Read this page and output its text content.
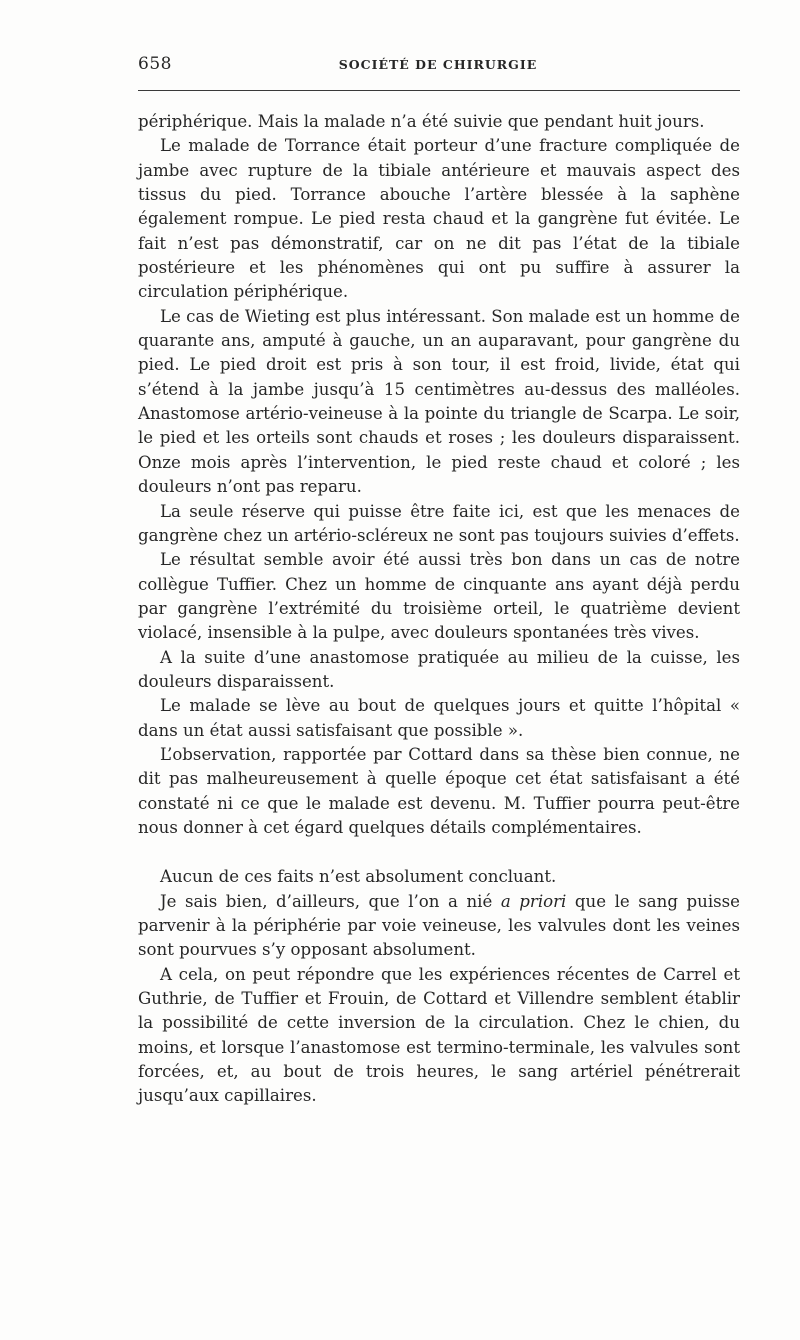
658	SOCIÉTÉ DE CHIRURGIE

périphérique. Mais la malade n’a été suivie que pendant huit jours.

Le malade de Torrance était porteur d’une fracture compliquée de jambe avec rupture de la tibiale antérieure et mauvais aspect des tissus du pied. Torrance abouche l’artère blessée à la saphène également rompue. Le pied resta chaud et la gangrène fut évitée. Le fait n’est pas démonstratif, car on ne dit pas l’état de la tibiale postérieure et les phénomènes qui ont pu suffire à assurer la circulation périphérique.

Le cas de Wieting est plus intéressant. Son malade est un homme de quarante ans, amputé à gauche, un an auparavant, pour gangrène du pied. Le pied droit est pris à son tour, il est froid, livide, état qui s’étend à la jambe jusqu’à 15 centimètres au-dessus des malléoles. Anastomose artério-veineuse à la pointe du triangle de Scarpa. Le soir, le pied et les orteils sont chauds et roses ; les douleurs disparaissent. Onze mois après l’intervention, le pied reste chaud et coloré ; les douleurs n’ont pas reparu.

La seule réserve qui puisse être faite ici, est que les menaces de gangrène chez un artério-scléreux ne sont pas toujours suivies d’effets.

Le résultat semble avoir été aussi très bon dans un cas de notre collègue Tuffier. Chez un homme de cinquante ans ayant déjà perdu par gangrène l’extrémité du troisième orteil, le quatrième devient violacé, insensible à la pulpe, avec douleurs spontanées très vives.

A la suite d’une anastomose pratiquée au milieu de la cuisse, les douleurs disparaissent.

Le malade se lève au bout de quelques jours et quitte l’hôpital « dans un état aussi satisfaisant que possible ».

L’observation, rapportée par Cottard dans sa thèse bien connue, ne dit pas malheureusement à quelle époque cet état satisfaisant a été constaté ni ce que le malade est devenu. M. Tuffier pourra peut-être nous donner à cet égard quelques détails complémentaires.

Aucun de ces faits n’est absolument concluant.

Je sais bien, d’ailleurs, que l’on a nié a priori que le sang puisse parvenir à la périphérie par voie veineuse, les valvules dont les veines sont pourvues s’y opposant absolument.

A cela, on peut répondre que les expériences récentes de Carrel et Guthrie, de Tuffier et Frouin, de Cottard et Villendre semblent établir la possibilité de cette inversion de la circulation. Chez le chien, du moins, et lorsque l’anastomose est termino-terminale, les valvules sont forcées, et, au bout de trois heures, le sang artériel pénétrerait jusqu’aux capillaires.
